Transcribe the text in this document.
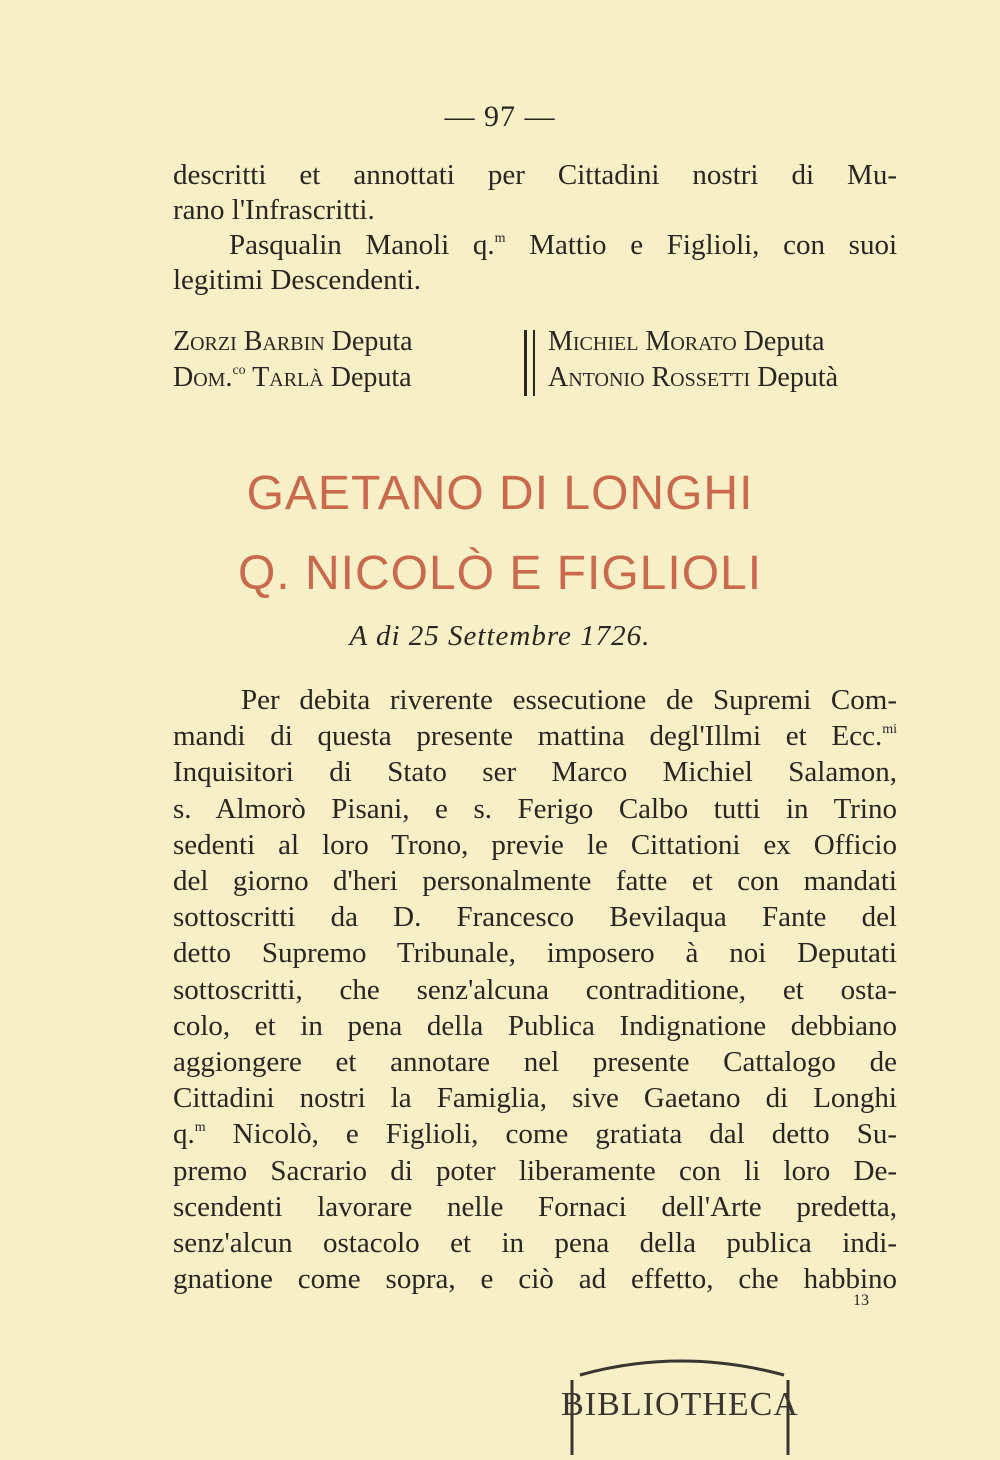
— 97 —
descritti et annottati per Cittadini nostri di Mu-
rano l'Infrascritti.
Pasqualin Manoli q.$^m$ Mattio e Figlioli, con suoi
legitimi Descendenti.
Zorzi Barbin Deputa
Dom.$^{co}$ Tarlà Deputa
Michiel Morato Deputa
Antonio Rossetti Deputà
GAETANO DI LONGHI
Q. NICOLÒ E FIGLIOLI
A di 25 Settembre 1726.
Per debita riverente essecutione de Supremi Com-
mandi di questa presente mattina degl'Illmi et Ecc.$^{mi}$
Inquisitori di Stato ser Marco Michiel Salamon,
s. Almorò Pisani, e s. Ferigo Calbo tutti in Trino
sedenti al loro Trono, previe le Cittationi ex Officio
del giorno d'heri personalmente fatte et con mandati
sottoscritti da D. Francesco Bevilaqua Fante del
detto Supremo Tribunale, imposero à noi Deputati
sottoscritti, che senz'alcuna contraditione, et osta-
colo, et in pena della Publica Indignatione debbiano
aggiongere et annotare nel presente Cattalogo de
Cittadini nostri la Famiglia, sive Gaetano di Longhi
q.$^m$ Nicolò, e Figlioli, come gratiata dal detto Su-
premo Sacrario di poter liberamente con li loro De-
scendenti lavorare nelle Fornaci dell'Arte predetta,
senz'alcun ostacolo et in pena della publica indi-
gnatione come sopra, e ciò ad effetto, che habbino
13
BIBLIOTHECA
